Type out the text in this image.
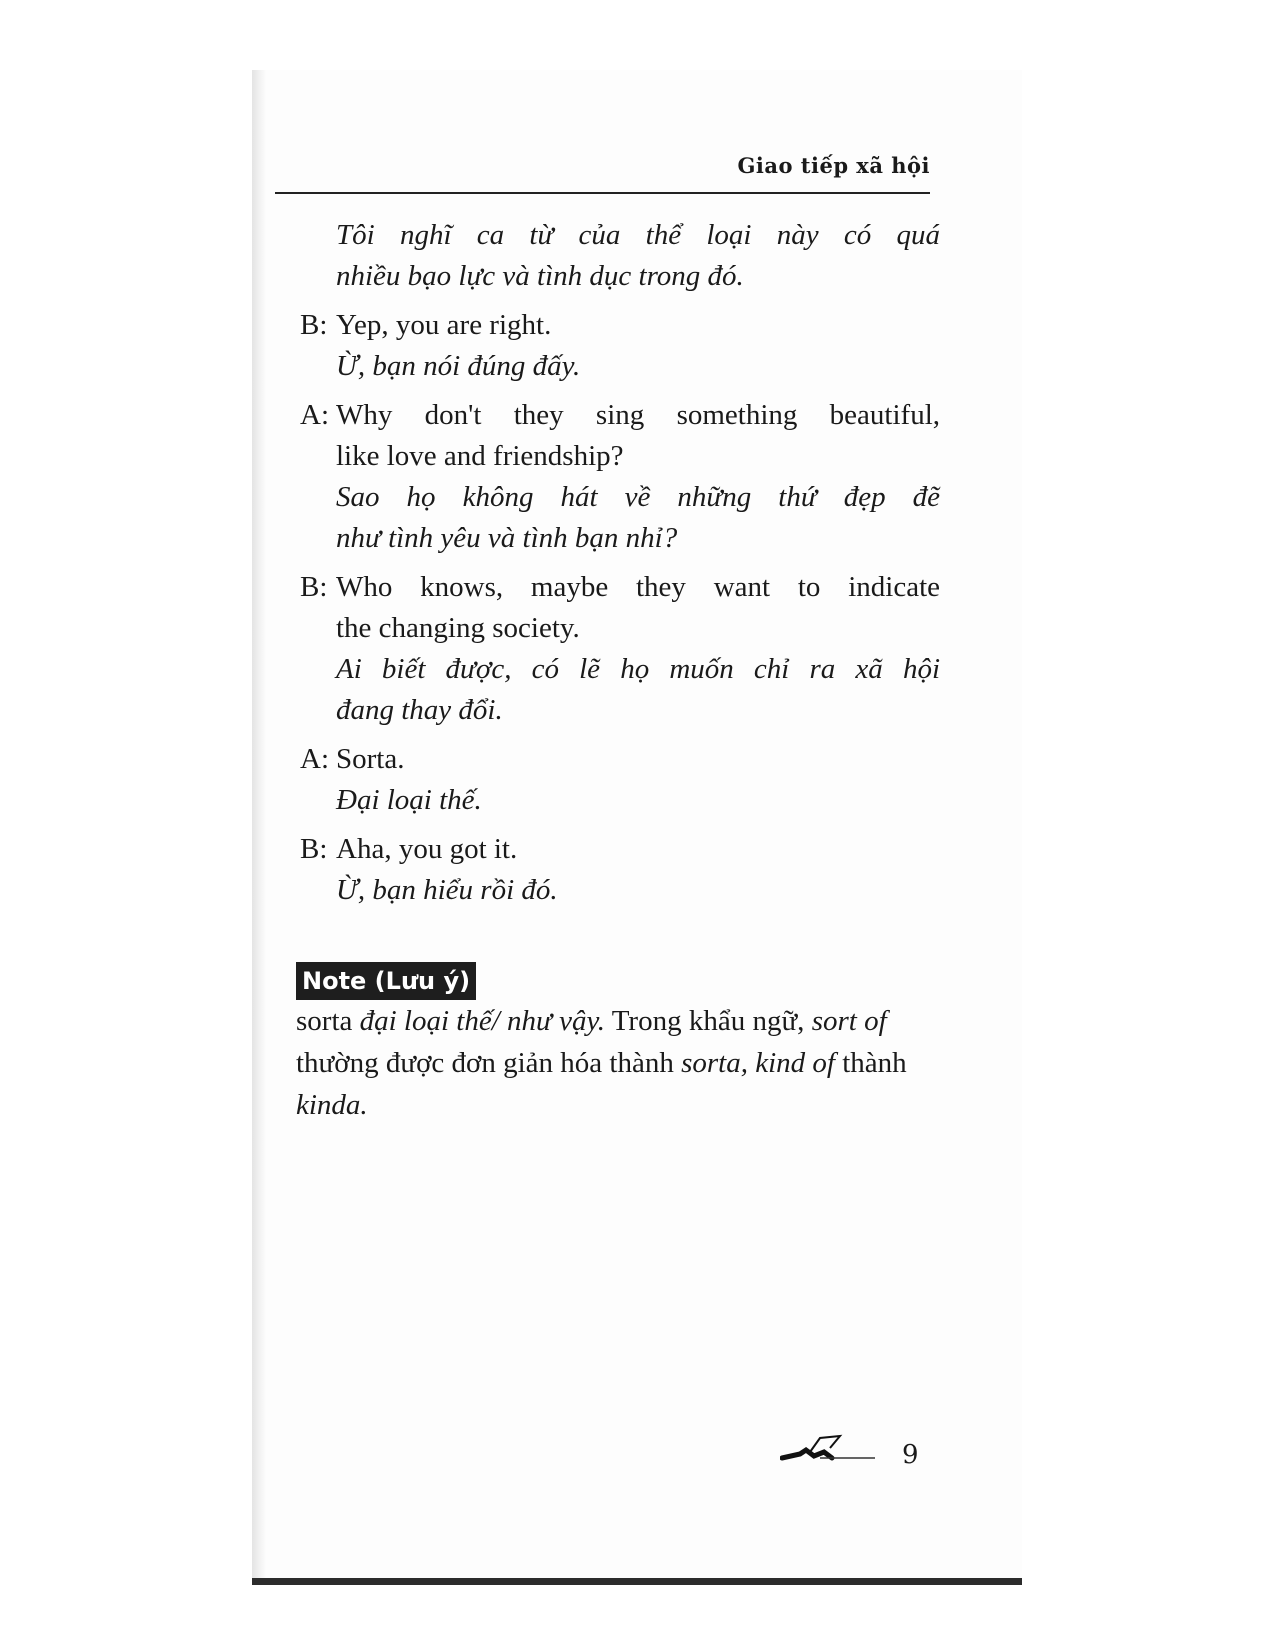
Giao tiếp xã hội
Tôi nghĩ ca từ của thể loại này có quá
nhiều bạo lực và tình dục trong đó.
B: Yep, you are right.
Ừ, bạn nói đúng đấy.
A: Why don't they sing something beautiful,
like love and friendship?
Sao họ không hát về những thứ đẹp đẽ
như tình yêu và tình bạn nhỉ?
B: Who knows, maybe they want to indicate
the changing society.
Ai biết được, có lẽ họ muốn chỉ ra xã hội
đang thay đổi.
A: Sorta.
Đại loại thế.
B: Aha, you got it.
Ừ, bạn hiểu rồi đó.
Note (Lưu ý)
sorta đại loại thế/ như vậy. Trong khẩu ngữ, sort of thường được đơn giản hóa thành sorta, kind of thành kinda.
9
